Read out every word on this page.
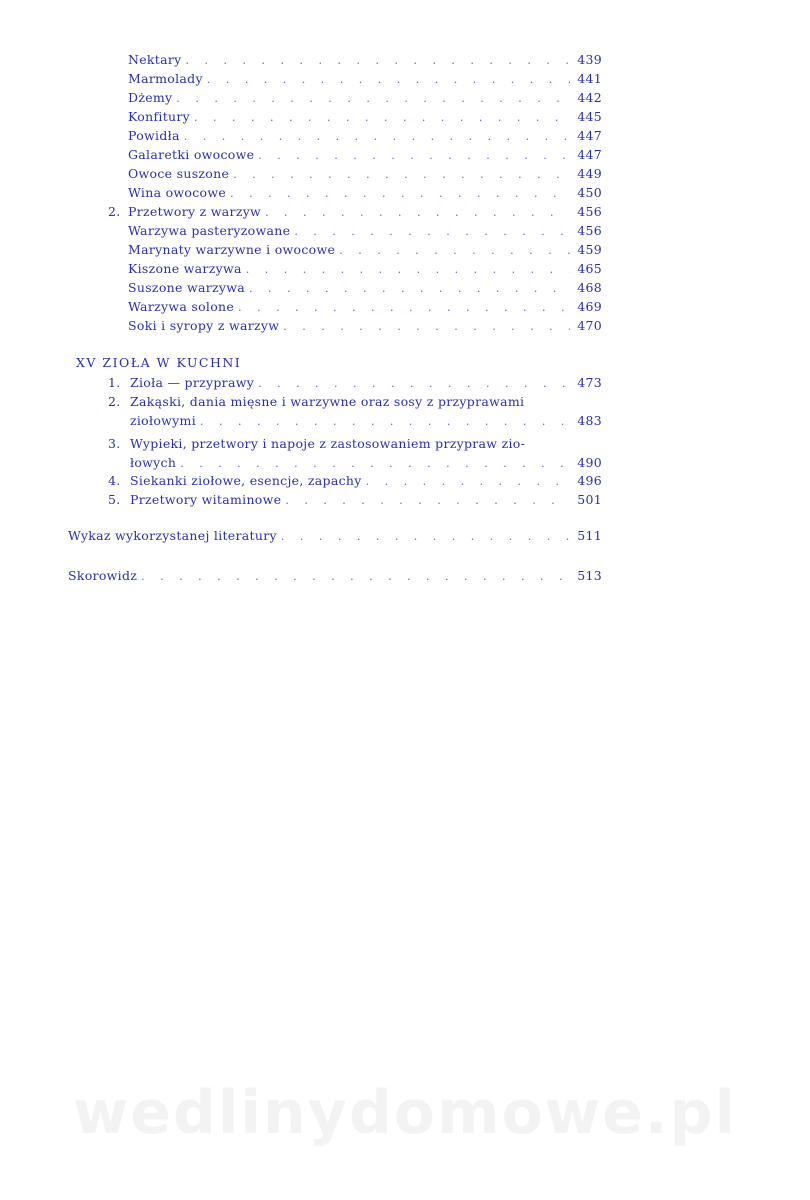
Nektary . . .	439
Marmolady . . .	441
Dżemy . . .	442
Konfitury . . .	445
Powidła . . .	447
Galaretki owocowe . . .	447
Owoce suszone . . .	449
Wina owocowe . . .	450
2. Przetwory z warzyw . . .	456
Warzywa pasteryzowane . . .	456
Marynaty warzywne i owocowe . . .	459
Kiszone warzywa . . .	465
Suszone warzywa . . .	468
Warzywa solone . . .	469
Soki i syropy z warzyw . . .	470
XV ZIOŁA W KUCHNI
1. Zioła — przyprawy . . .	473
2. Zakąski, dania mięsne i warzywne oraz sosy z przyprawami
ziołowymi . . .	483
3. Wypieki, przetwory i napoje z zastosowaniem przypraw zio-
łowych . . .	490
4. Siekanki ziołowe, esencje, zapachy . . .	496
5. Przetwory witaminowe . . .	501
Wykaz wykorzystanej literatury . . .	511
Skorowidz . . .	513
wedlinydomowe.pl
